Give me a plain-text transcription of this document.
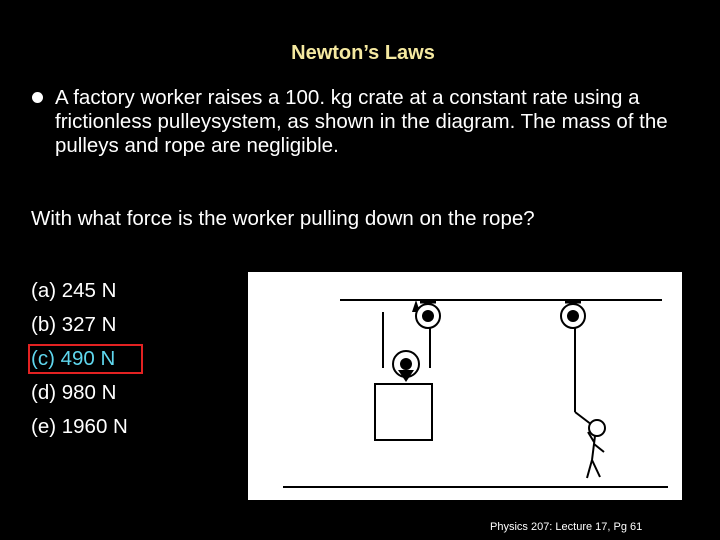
Newton’s Laws
A factory worker raises a 100. kg crate at a constant rate using a frictionless pulleysystem, as shown in the diagram. The mass of the pulleys and rope are negligible.
With what force is the worker pulling down on the rope?
(a) 245 N
(b) 327 N
(c) 490 N
(d) 980 N
(e) 1960 N
Physics 207: Lecture 17, Pg 61
